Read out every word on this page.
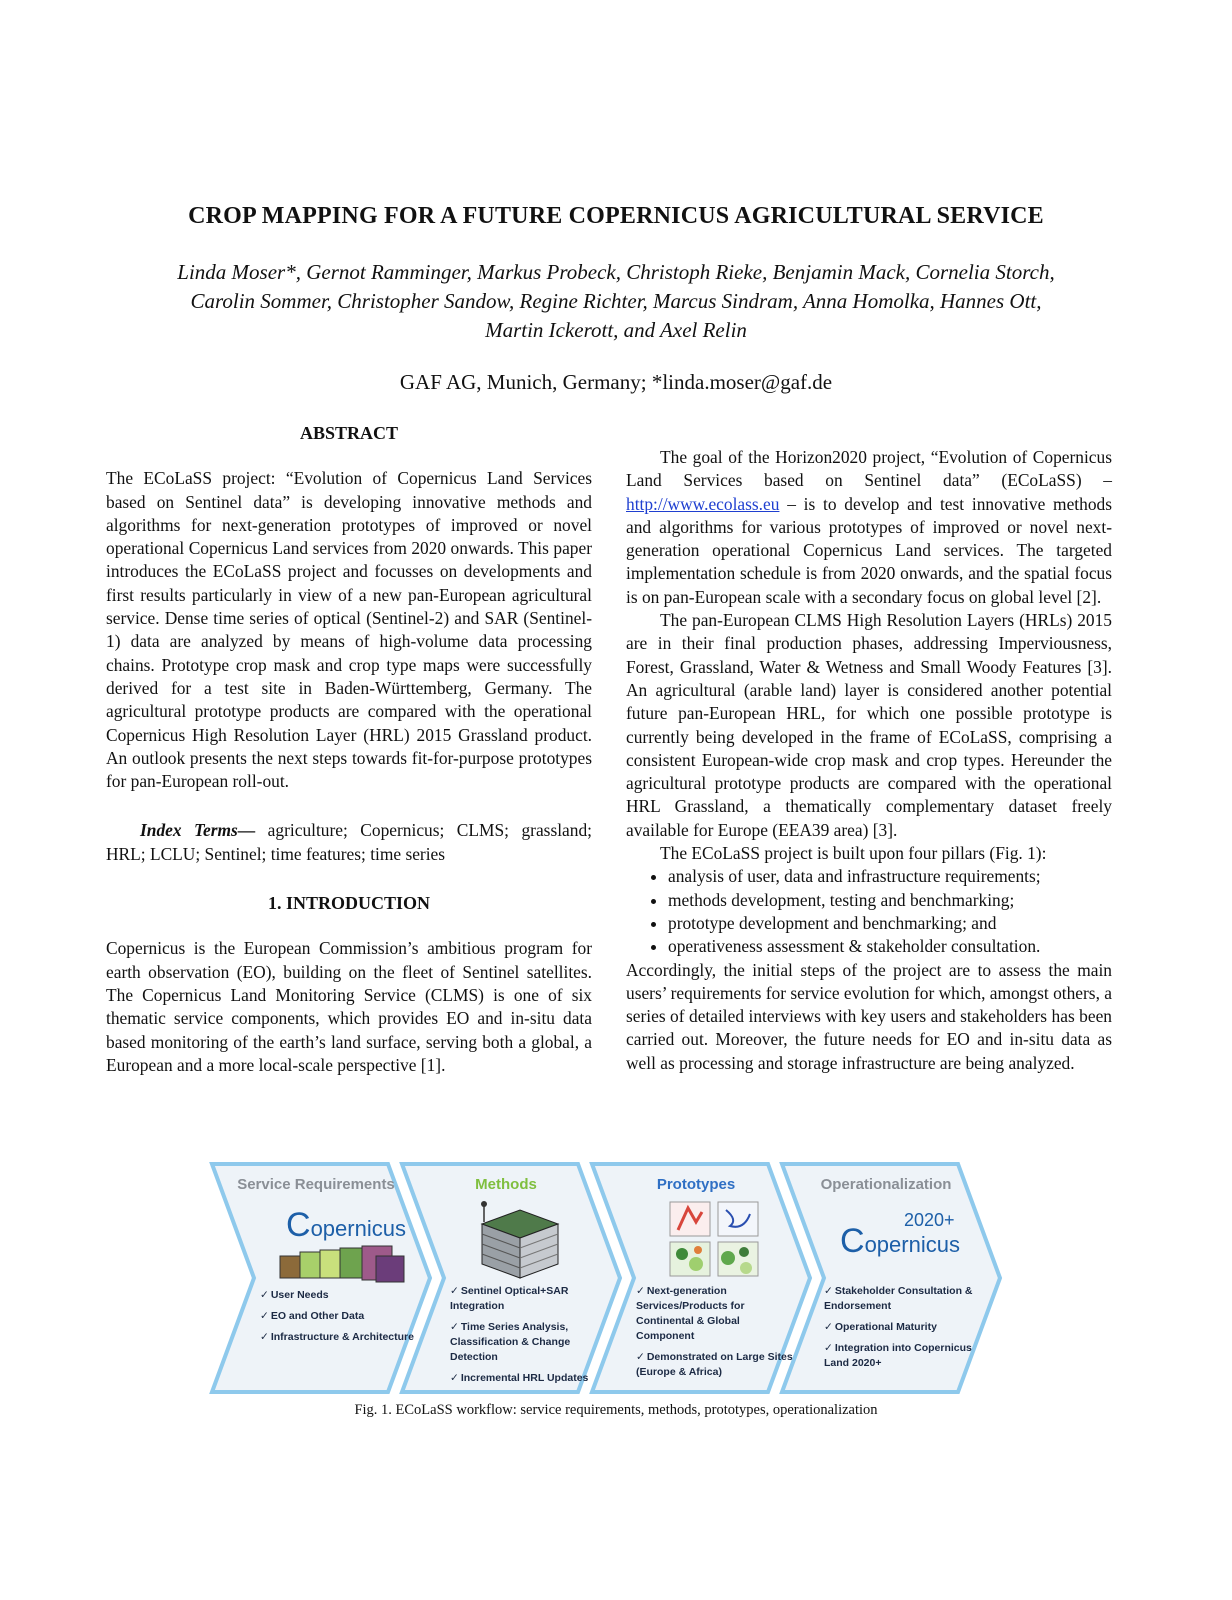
CROP MAPPING FOR A FUTURE COPERNICUS AGRICULTURAL SERVICE
Linda Moser*, Gernot Ramminger, Markus Probeck, Christoph Rieke, Benjamin Mack, Cornelia Storch,
Carolin Sommer, Christopher Sandow, Regine Richter, Marcus Sindram, Anna Homolka, Hannes Ott,
Martin Ickerott, and Axel Relin

GAF AG, Munich, Germany; *linda.moser@gaf.de

ABSTRACT

The ECoLaSS project: “Evolution of Copernicus Land Services based on Sentinel data” is developing innovative methods and algorithms for next-generation prototypes of improved or novel operational Copernicus Land services from 2020 onwards. This paper introduces the ECoLaSS project and focusses on developments and first results particularly in view of a new pan-European agricultural service. Dense time series of optical (Sentinel-2) and SAR (Sentinel-1) data are analyzed by means of high-volume data processing chains. Prototype crop mask and crop type maps were successfully derived for a test site in Baden-Württemberg, Germany. The agricultural prototype products are compared with the operational Copernicus High Resolution Layer (HRL) 2015 Grassland product. An outlook presents the next steps towards fit-for-purpose prototypes for pan-European roll-out.

Index Terms— agriculture; Copernicus; CLMS; grassland; HRL; LCLU; Sentinel; time features; time series

1. INTRODUCTION

Copernicus is the European Commission’s ambitious program for earth observation (EO), building on the fleet of Sentinel satellites. The Copernicus Land Monitoring Service (CLMS) is one of six thematic service components, which provides EO and in-situ data based monitoring of the earth’s land surface, serving both a global, a European and a more local-scale perspective [1].

The goal of the Horizon2020 project, “Evolution of Copernicus Land Services based on Sentinel data” (ECoLaSS) – http://www.ecolass.eu – is to develop and test innovative methods and algorithms for various prototypes of improved or novel next-generation operational Copernicus Land services. The targeted implementation schedule is from 2020 onwards, and the spatial focus is on pan-European scale with a secondary focus on global level [2].

The pan-European CLMS High Resolution Layers (HRLs) 2015 are in their final production phases, addressing Imperviousness, Forest, Grassland, Water & Wetness and Small Woody Features [3]. An agricultural (arable land) layer is considered another potential future pan-European HRL, for which one possible prototype is currently being developed in the frame of ECoLaSS, comprising a consistent European-wide crop mask and crop types. Hereunder the agricultural prototype products are compared with the operational HRL Grassland, a thematically complementary dataset freely available for Europe (EEA39 area) [3].

The ECoLaSS project is built upon four pillars (Fig. 1):

• analysis of user, data and infrastructure requirements;
• methods development, testing and benchmarking;
• prototype development and benchmarking; and
• operativeness assessment & stakeholder consultation.

Accordingly, the initial steps of the project are to assess the main users’ requirements for service evolution for which, amongst others, a series of detailed interviews with key users and stakeholders has been carried out. Moreover, the future needs for EO and in-situ data as well as processing and storage infrastructure are being analyzed.

Service Requirements
Copernicus
✓ User Needs
✓ EO and Other Data
✓ Infrastructure & Architecture
Methods
✓ Sentinel Optical+SAR Integration
✓ Time Series Analysis, Classification & Change Detection
✓ Incremental HRL Updates
Prototypes
✓ Next-generation Services/Products for Continental & Global Component
✓ Demonstrated on Large Sites (Europe & Africa)
Operationalization
2020+
Copernicus
✓ Stakeholder Consultation & Endorsement
✓ Operational Maturity
✓ Integration into Copernicus Land 2020+

Fig. 1. ECoLaSS workflow: service requirements, methods, prototypes, operationalization
